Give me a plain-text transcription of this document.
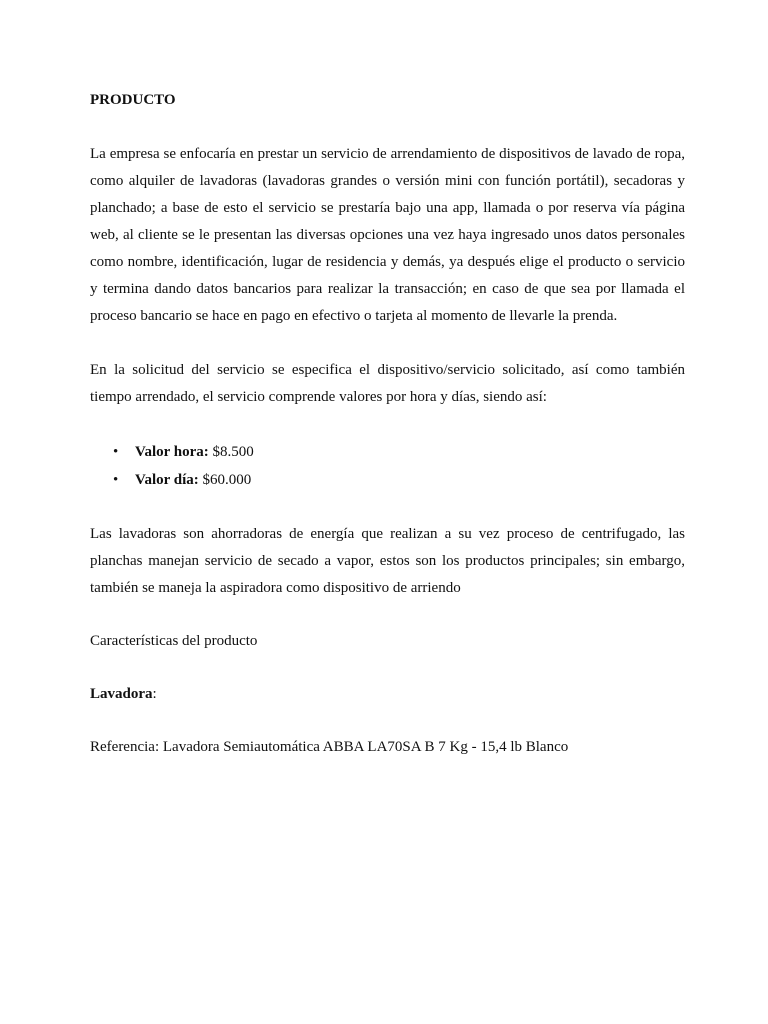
PRODUCTO

La empresa se enfocaría en prestar un servicio de arrendamiento de dispositivos de lavado de ropa, como alquiler de lavadoras (lavadoras grandes o versión mini con función portátil), secadoras y planchado; a base de esto el servicio se prestaría bajo una app, llamada o por reserva vía página web, al cliente se le presentan las diversas opciones una vez haya ingresado unos datos personales como nombre, identificación, lugar de residencia y demás, ya después elige el producto o servicio y termina dando datos bancarios para realizar la transacción; en caso de que sea por llamada el proceso bancario se hace en pago en efectivo o tarjeta al momento de llevarle la prenda.

En la solicitud del servicio se especifica el dispositivo/servicio solicitado, así como también tiempo arrendado, el servicio comprende valores por hora y días, siendo así:

• Valor hora: $8.500
• Valor día: $60.000

Las lavadoras son ahorradoras de energía que realizan a su vez proceso de centrifugado, las planchas manejan servicio de secado a vapor, estos son los productos principales; sin embargo, también se maneja la aspiradora como dispositivo de arriendo

Características del producto

Lavadora:

Referencia: Lavadora Semiautomática ABBA LA70SA B 7 Kg - 15,4 lb Blanco
